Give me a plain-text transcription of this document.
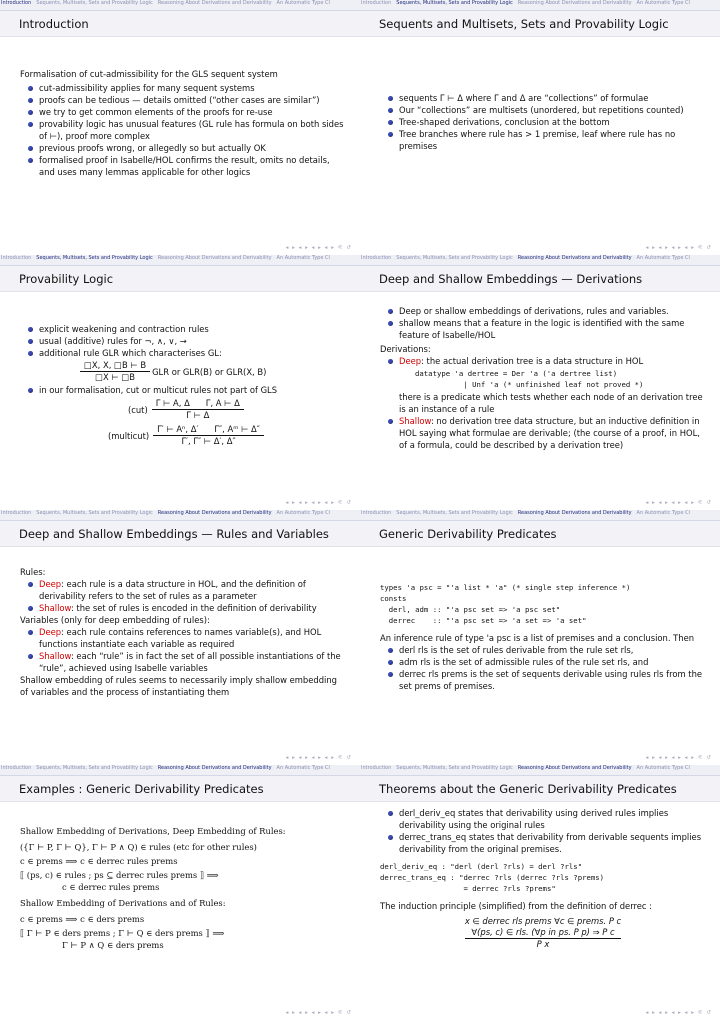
Introduction Sequents, Multisets, Sets and Provability Logic Reasoning About Derivations and Derivability An Automatic Type Cl
Introduction

Formalisation of cut-admissibility for the GLS sequent system

cut-admissibility applies for many sequent systems

proofs can be tedious — details omitted (“other cases are similar”)

we try to get common elements of the proofs for re-use

provability logic has unusual features (GL rule has formula on both sides of ⊢), proof more complex

previous proofs wrong, or allegedly so but actually OK

formalised proof in Isabelle/HOL confirms the result, omits no details, and uses many lemmas applicable for other logics

◂ ▸ ◂ ▸ ◂ ▸ ◂ ▸ ⚟ ↺
Introduction Sequents, Multisets, Sets and Provability Logic Reasoning About Derivations and Derivability An Automatic Type Cl
Sequents and Multisets, Sets and Provability Logic

sequents Γ ⊢ Δ where Γ and Δ are “collections” of formulae

Our “collections” are multisets (unordered, but repetitions counted)

Tree-shaped derivations, conclusion at the bottom

Tree branches where rule has > 1 premise, leaf where rule has no premises

◂ ▸ ◂ ▸ ◂ ▸ ◂ ▸ ⚟ ↺
Introduction Sequents, Multisets, Sets and Provability Logic Reasoning About Derivations and Derivability An Automatic Type Cl
Provability Logic

explicit weakening and contraction rules

usual (additive) rules for ¬, ∧, ∨, →

additional rule GLR which characterises GL:

$\frac{□X, X, □B ⊢ B}{□X ⊢ □B}$ GLR or GLR(B) or GLR(X, B)

in our formalisation, cut or multicut rules not part of GLS

$(cut) \frac{\text{Γ ⊢ A, Δ Γ, A ⊢ Δ}}{\Gamma ⊢ \Delta}$
(multicut) $\frac{\text{Γ′ ⊢ Aⁿ, Δ′ Γ″, Aᵐ ⊢ Δ″}}{\Gamma', \Gamma'' ⊢ \Delta', \Delta''}$
◂ ▸ ◂ ▸ ◂ ▸ ◂ ▸ ⚟ ↺
Introduction Sequents, Multisets, Sets and Provability Logic Reasoning About Derivations and Derivability An Automatic Type Cl
Deep and Shallow Embeddings — Derivations

Deep or shallow embeddings of derivations, rules and variables.

shallow means that a feature in the logic is identified with the same feature of Isabelle/HOL

Derivations:

Deep: the actual derivation tree is a data structure in HOL

datatype 'a dertree = Der 'a ('a dertree list)
| Unf 'a (* unfinished leaf not proved *)

there is a predicate which tests whether each node of an derivation tree is an instance of a rule

Shallow: no derivation tree data structure, but an inductive definition in HOL saying what formulae are derivable; (the course of a proof, in HOL, of a formula, could be described by a derivation tree)

◂ ▸ ◂ ▸ ◂ ▸ ◂ ▸ ⚟ ↺
Introduction Sequents, Multisets, Sets and Provability Logic Reasoning About Derivations and Derivability An Automatic Type Cl
Deep and Shallow Embeddings — Rules and Variables

Rules:

Deep: each rule is a data structure in HOL, and the definition of derivability refers to the set of rules as a parameter

Shallow: the set of rules is encoded in the definition of derivability

Variables (only for deep embedding of rules):

Deep: each rule contains references to names variable(s), and HOL functions instantiate each variable as required

Shallow: each “rule” is in fact the set of all possible instantiations of the “rule”, achieved using Isabelle variables

Shallow embedding of rules seems to necessarily imply shallow embedding of variables and the process of instantiating them

◂ ▸ ◂ ▸ ◂ ▸ ◂ ▸ ⚟ ↺
Introduction Sequents, Multisets, Sets and Provability Logic Reasoning About Derivations and Derivability An Automatic Type Cl
Generic Derivability Predicates
types 'a psc = "'a list * 'a" (* single step inference *)
consts
derl, adm :: "'a psc set => 'a psc set"
derrec    :: "'a psc set => 'a set => 'a set"

An inference rule of type 'a psc is a list of premises and a conclusion. Then

derl rls is the set of rules derivable from the rule set rls,

adm rls is the set of admissible rules of the rule set rls, and

derrec rls prems is the set of sequents derivable using rules rls from the set prems of premises.

◂ ▸ ◂ ▸ ◂ ▸ ◂ ▸ ⚟ ↺
Introduction Sequents, Multisets, Sets and Provability Logic Reasoning About Derivations and Derivability An Automatic Type Cl
Examples : Generic Derivability Predicates

Shallow Embedding of Derivations, Deep Embedding of Rules:

({Γ ⊢ P, Γ ⊢ Q}, Γ ⊢ P ∧ Q) ∈ rules (etc for other rules)

c ∈ prems ⟹ c ∈ derrec rules prems

⟦ (ps, c) ∈ rules ; ps ⊆ derrec rules prems ⟧ ⟹

c ∈ derrec rules prems

Shallow Embedding of Derivations and of Rules:

c ∈ prems ⟹ c ∈ ders prems

⟦ Γ ⊢ P ∈ ders prems ; Γ ⊢ Q ∈ ders prems ⟧ ⟹

Γ ⊢ P ∧ Q ∈ ders prems

◂ ▸ ◂ ▸ ◂ ▸ ◂ ▸ ⚟ ↺
Introduction Sequents, Multisets, Sets and Provability Logic Reasoning About Derivations and Derivability An Automatic Type Cl
Theorems about the Generic Derivability Predicates

derl_deriv_eq states that derivability using derived rules implies derivability using the original rules

derrec_trans_eq states that derivability from derivable sequents implies derivability from the original premises.

derl_deriv_eq : "derl (derl ?rls) = derl ?rls"
derrec_trans_eq : "derrec ?rls (derrec ?rls ?prems)
= derrec ?rls ?prems"

The induction principle (simplified) from the definition of derrec :

x ∈ derrec rls prems ∀c ∈ prems. P c
∀(ps, c) ∈ rls. (∀p in ps. P p) ⇒ P c
P x
◂ ▸ ◂ ▸ ◂ ▸ ◂ ▸ ⚟ ↺
